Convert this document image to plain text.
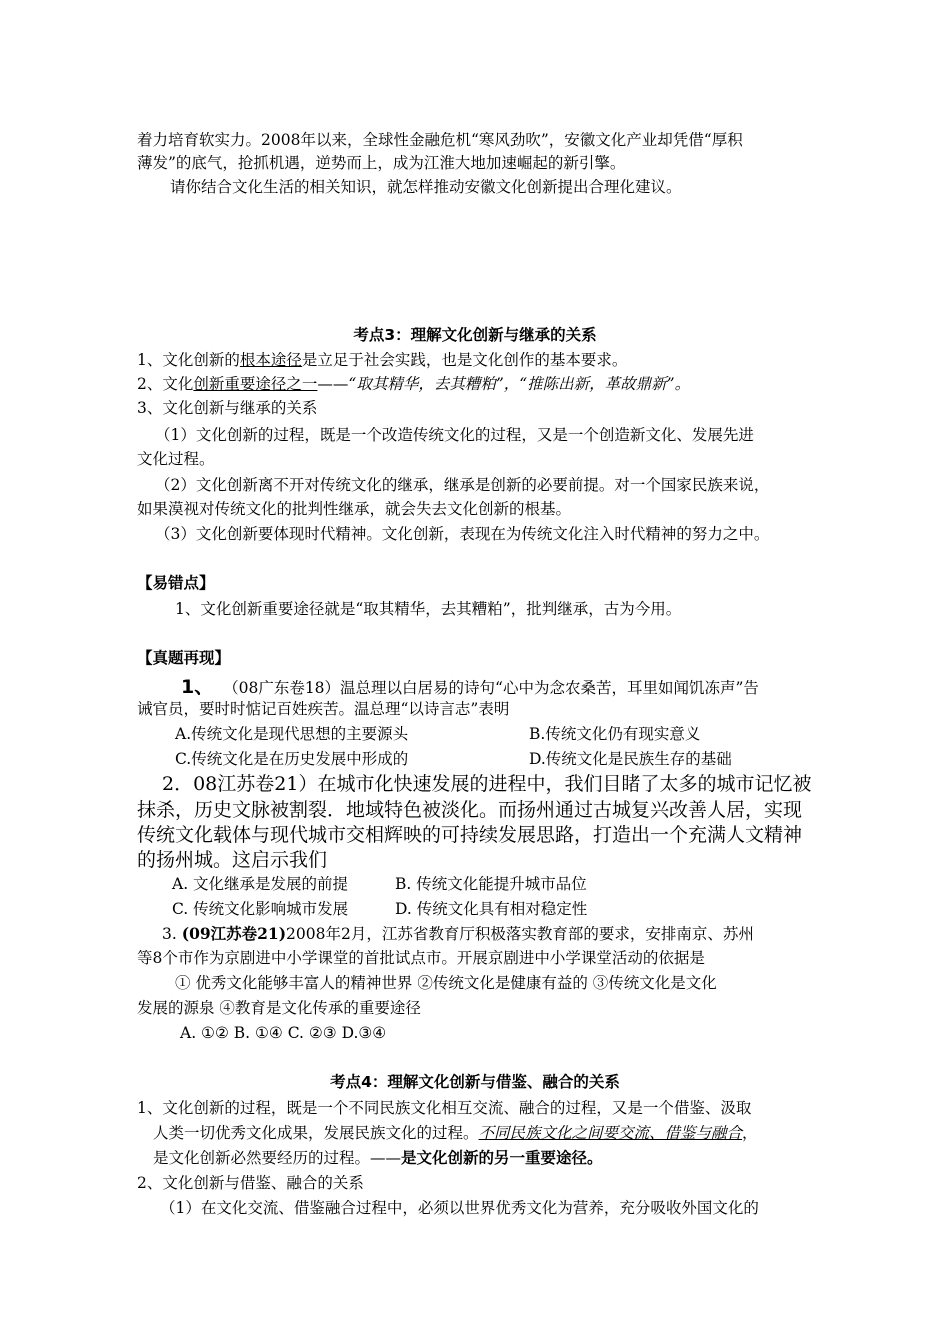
着力培育软实力。2008年以来，全球性金融危机“寒风劲吹”，安徽文化产业却凭借“厚积
薄发”的底气，抢抓机遇，逆势而上，成为江淮大地加速崛起的新引擎。
请你结合文化生活的相关知识，就怎样推动安徽文化创新提出合理化建议。
考点3：理解文化创新与继承的关系
1、文化创新的根本途径是立足于社会实践，也是文化创作的基本要求。
2、文化创新重要途径之一——“取其精华，去其糟粕”，“推陈出新，革故鼎新”。
3、文化创新与继承的关系
（1）文化创新的过程，既是一个改造传统文化的过程，又是一个创造新文化、发展先进
文化过程。
（2）文化创新离不开对传统文化的继承，继承是创新的必要前提。对一个国家民族来说，
如果漠视对传统文化的批判性继承，就会失去文化创新的根基。
（3）文化创新要体现时代精神。文化创新，表现在为传统文化注入时代精神的努力之中。
【易错点】
1、文化创新重要途径就是“取其精华，去其糟粕”，批判继承，古为今用。
【真题再现】
1、 （08广东卷18）温总理以白居易的诗句“心中为念农桑苦，耳里如闻饥冻声”告
诫官员，要时时惦记百姓疾苦。温总理“以诗言志”表明
A.传统文化是现代思想的主要源头	B.传统文化仍有现实意义
C.传统文化是在历史发展中形成的	D.传统文化是民族生存的基础
2．08江苏卷21）在城市化快速发展的进程中，我们目睹了太多的城市记忆被
抹杀，历史文脉被割裂．地域特色被淡化。而扬州通过古城复兴改善人居，实现
传统文化载体与现代城市交相辉映的可持续发展思路，打造出一个充满人文精神
的扬州城。这启示我们
A. 文化继承是发展的前提	B. 传统文化能提升城市品位
C. 传统文化影响城市发展	D. 传统文化具有相对稳定性
3. (09江苏卷21)2008年2月，江苏省教育厅积极落实教育部的要求，安排南京、苏州
等8个市作为京剧进中小学课堂的首批试点市。开展京剧进中小学课堂活动的依据是
① 优秀文化能够丰富人的精神世界 ②传统文化是健康有益的 ③传统文化是文化
发展的源泉 ④教育是文化传承的重要途径
A. ①② B. ①④ C. ②③ D.③④
考点4：理解文化创新与借鉴、融合的关系
1、文化创新的过程，既是一个不同民族文化相互交流、融合的过程，又是一个借鉴、汲取
人类一切优秀文化成果，发展民族文化的过程。不同民族文化之间要交流、借鉴与融合，
是文化创新必然要经历的过程。——是文化创新的另一重要途径。
2、文化创新与借鉴、融合的关系
（1）在文化交流、借鉴融合过程中，必须以世界优秀文化为营养，充分吸收外国文化的
